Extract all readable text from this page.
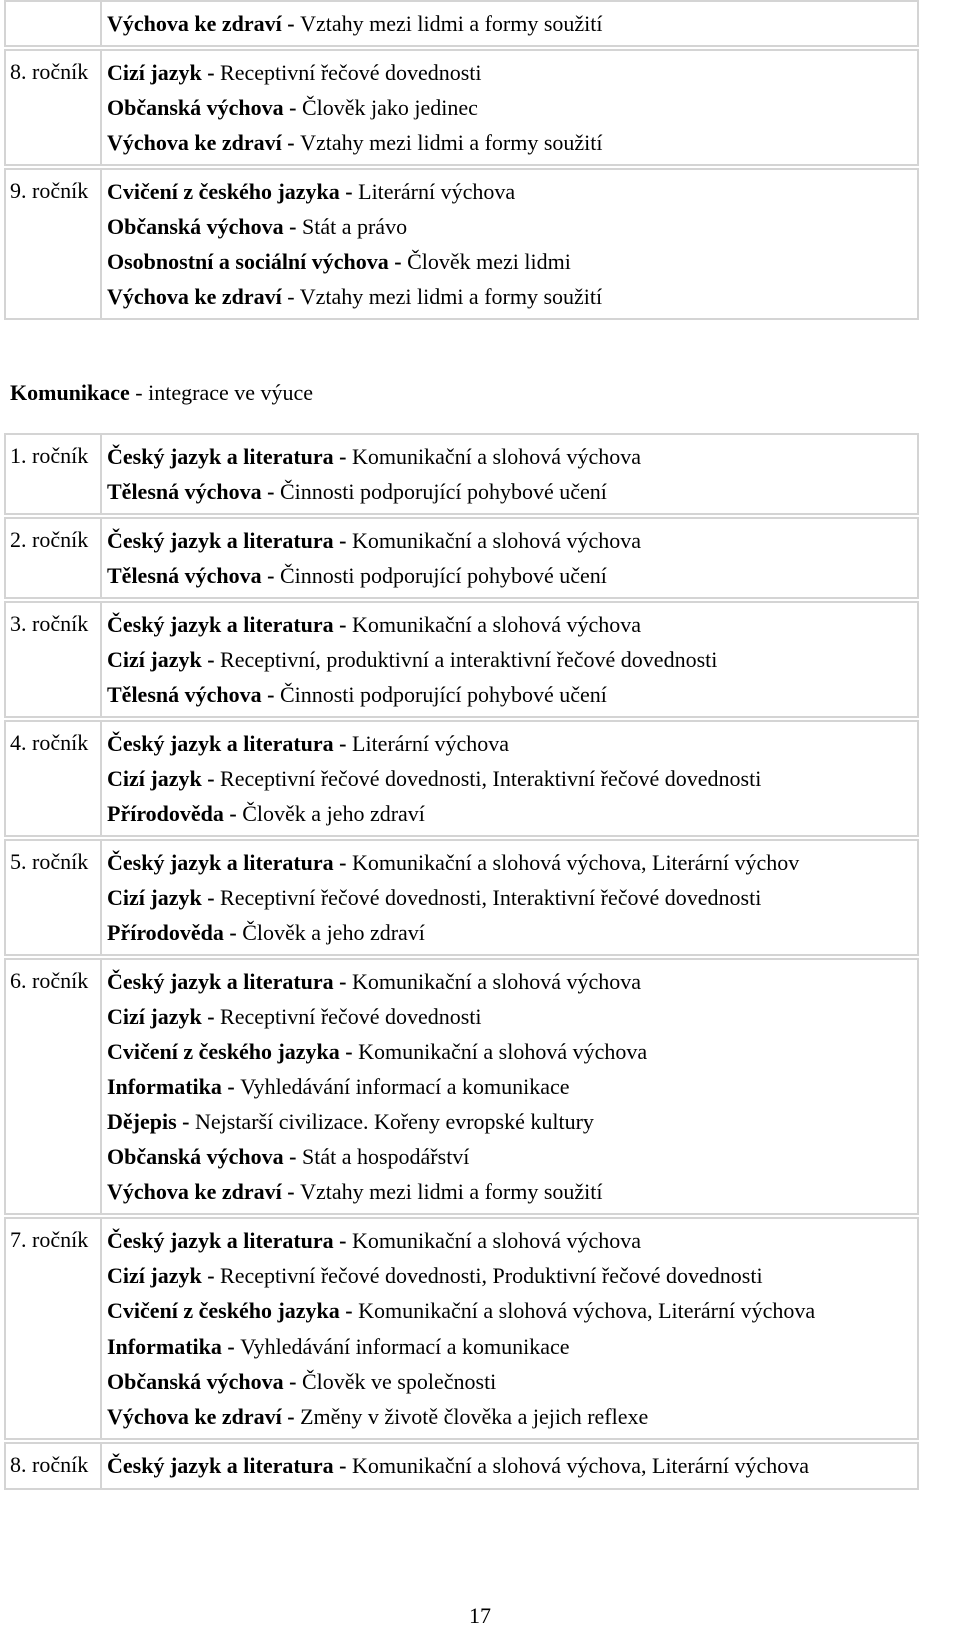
Výchova ke zdraví - Vztahy mezi lidmi a formy soužití
8. ročník Cizí jazyk - Receptivní řečové dovednosti
Občanská výchova - Člověk jako jedinec
Výchova ke zdraví - Vztahy mezi lidmi a formy soužití
9. ročník Cvičení z českého jazyka - Literární výchova
Občanská výchova - Stát a právo
Osobnostní a sociální výchova - Člověk mezi lidmi
Výchova ke zdraví - Vztahy mezi lidmi a formy soužití
Komunikace - integrace ve výuce
1. ročník Český jazyk a literatura - Komunikační a slohová výchova
Tělesná výchova - Činnosti podporující pohybové učení
2. ročník Český jazyk a literatura - Komunikační a slohová výchova
Tělesná výchova - Činnosti podporující pohybové učení
3. ročník Český jazyk a literatura - Komunikační a slohová výchova
Cizí jazyk - Receptivní, produktivní a interaktivní řečové dovednosti
Tělesná výchova - Činnosti podporující pohybové učení
4. ročník Český jazyk a literatura - Literární výchova
Cizí jazyk - Receptivní řečové dovednosti, Interaktivní řečové dovednosti
Přírodověda - Člověk a jeho zdraví
5. ročník Český jazyk a literatura - Komunikační a slohová výchova, Literární výchov
Cizí jazyk - Receptivní řečové dovednosti, Interaktivní řečové dovednosti
Přírodověda - Člověk a jeho zdraví
6. ročník Český jazyk a literatura - Komunikační a slohová výchova
Cizí jazyk - Receptivní řečové dovednosti
Cvičení z českého jazyka - Komunikační a slohová výchova
Informatika - Vyhledávání informací a komunikace
Dějepis - Nejstarší civilizace. Kořeny evropské kultury
Občanská výchova - Stát a hospodářství
Výchova ke zdraví - Vztahy mezi lidmi a formy soužití
7. ročník Český jazyk a literatura - Komunikační a slohová výchova
Cizí jazyk - Receptivní řečové dovednosti, Produktivní řečové dovednosti
Cvičení z českého jazyka - Komunikační a slohová výchova, Literární výchova
Informatika - Vyhledávání informací a komunikace
Občanská výchova - Člověk ve společnosti
Výchova ke zdraví - Změny v životě člověka a jejich reflexe
8. ročník Český jazyk a literatura - Komunikační a slohová výchova, Literární výchova
17
